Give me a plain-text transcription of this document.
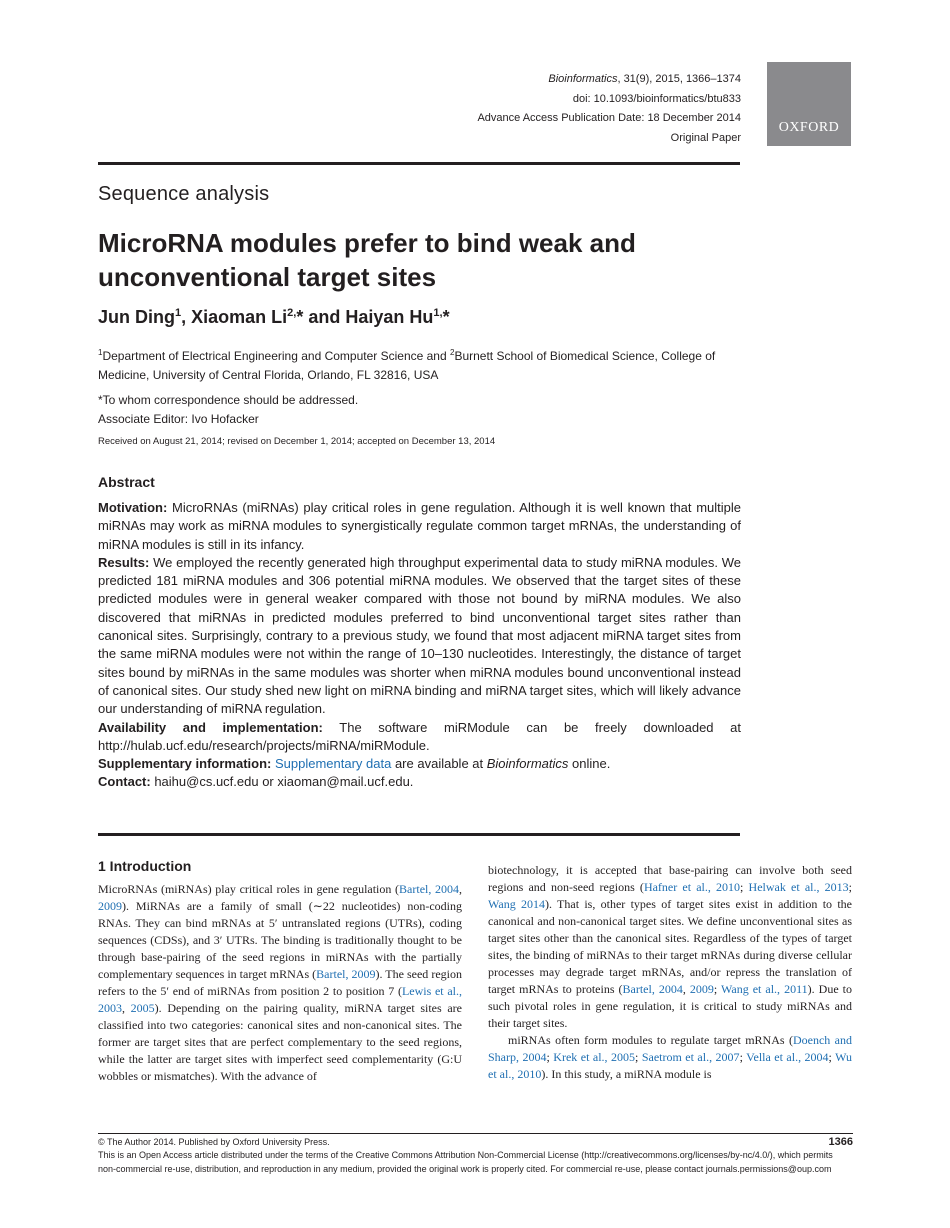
Bioinformatics, 31(9), 2015, 1366–1374
doi: 10.1093/bioinformatics/btu833
Advance Access Publication Date: 18 December 2014
Original Paper
OXFORD
Sequence analysis
MicroRNA modules prefer to bind weak and unconventional target sites
Jun Ding$^1$, Xiaoman $Li^{2,}*$ and Haiyan $Hu^{1,}*$
$^1$Department of Electrical Engineering and Computer Science and $^2$Burnett School of Biomedical Science, College of Medicine, University of Central Florida, Orlando, FL 32816, USA
*To whom correspondence should be addressed.
Associate Editor: Ivo Hofacker
Received on August 21, 2014; revised on December 1, 2014; accepted on December 13, 2014
Abstract

Motivation: MicroRNAs (miRNAs) play critical roles in gene regulation. Although it is well known that multiple miRNAs may work as miRNA modules to synergistically regulate common target mRNAs, the understanding of miRNA modules is still in its infancy.

Results: We employed the recently generated high throughput experimental data to study miRNA modules. We predicted 181 miRNA modules and 306 potential miRNA modules. We observed that the target sites of these predicted modules were in general weaker compared with those not bound by miRNA modules. We also discovered that miRNAs in predicted modules preferred to bind unconventional target sites rather than canonical sites. Surprisingly, contrary to a previous study, we found that most adjacent miRNA target sites from the same miRNA modules were not within the range of 10–130 nucleotides. Interestingly, the distance of target sites bound by miRNAs in the same modules was shorter when miRNA modules bound unconventional instead of canonical sites. Our study shed new light on miRNA binding and miRNA target sites, which will likely advance our understanding of miRNA regulation.

Availability and implementation: The software miRModule can be freely downloaded at http://hulab.ucf.edu/research/projects/miRNA/miRModule.

Supplementary information: Supplementary data are available at Bioinformatics online.

Contact: haihu@cs.ucf.edu or xiaoman@mail.ucf.edu.

1 Introduction

MicroRNAs (miRNAs) play critical roles in gene regulation (Bartel, 2004, 2009). MiRNAs are a family of small (∼22 nucleotides) non-coding RNAs. They can bind mRNAs at 5′ untranslated regions (UTRs), coding sequences (CDSs), and 3′ UTRs. The binding is traditionally thought to be through base-pairing of the seed regions in miRNAs with the partially complementary sequences in target mRNAs (Bartel, 2009). The seed region refers to the 5′ end of miRNAs from position 2 to position 7 (Lewis et al., 2003, 2005). Depending on the pairing quality, miRNA target sites are classified into two categories: canonical sites and non-canonical sites. The former are target sites that are perfect complementary to the seed regions, while the latter are target sites with imperfect seed complementarity (G:U wobbles or mismatches). With the advance of

biotechnology, it is accepted that base-pairing can involve both seed regions and non-seed regions (Hafner et al., 2010; Helwak et al., 2013; Wang 2014). That is, other types of target sites exist in addition to the canonical and non-canonical target sites. We define unconventional sites as target sites other than the canonical sites. Regardless of the types of target sites, the binding of miRNAs to their target mRNAs during diverse cellular processes may degrade target mRNAs, and/or repress the translation of target mRNAs to proteins (Bartel, 2004, 2009; Wang et al., 2011). Due to such pivotal roles in gene regulation, it is critical to study miRNAs and their target sites.

miRNAs often form modules to regulate target mRNAs (Doench and Sharp, 2004; Krek et al., 2005; Saetrom et al., 2007; Vella et al., 2004; Wu et al., 2010). In this study, a miRNA module is

© The Author 2014. Published by Oxford University Press.	1366
This is an Open Access article distributed under the terms of the Creative Commons Attribution Non-Commercial License (http://creativecommons.org/licenses/by-nc/4.0/), which permits non-commercial re-use, distribution, and reproduction in any medium, provided the original work is properly cited. For commercial re-use, please contact journals.permissions@oup.com
